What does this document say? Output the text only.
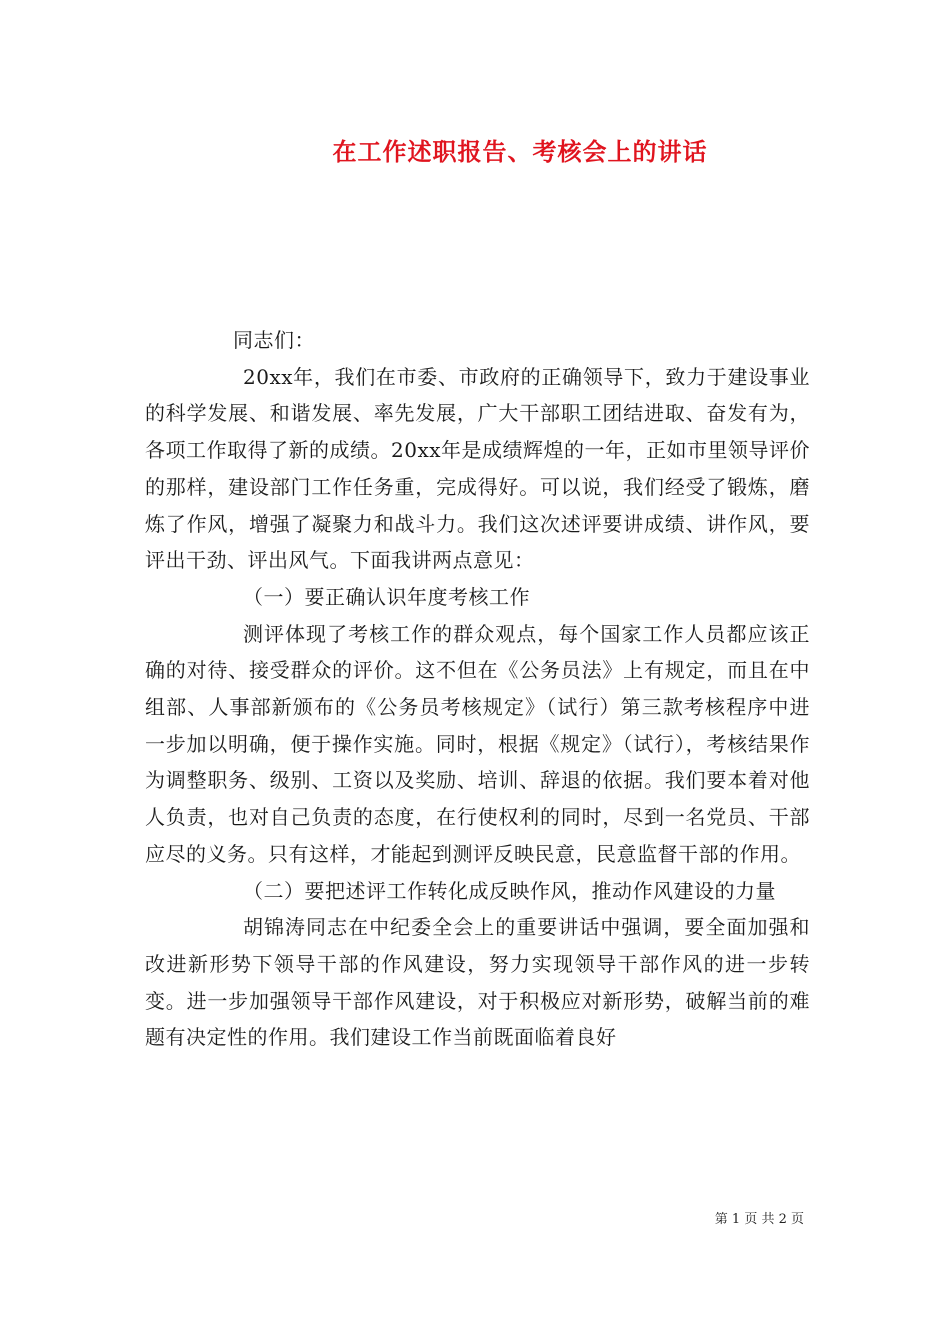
在工作述职报告、考核会上的讲话

同志们：

20xx年，我们在市委、市政府的正确领导下，致力于建设事业的科学发展、和谐发展、率先发展，广大干部职工团结进取、奋发有为，各项工作取得了新的成绩。20xx年是成绩辉煌的一年，正如市里领导评价的那样，建设部门工作任务重，完成得好。可以说，我们经受了锻炼，磨炼了作风，增强了凝聚力和战斗力。我们这次述评要讲成绩、讲作风，要评出干劲、评出风气。下面我讲两点意见：

（一）要正确认识年度考核工作

测评体现了考核工作的群众观点，每个国家工作人员都应该正确的对待、接受群众的评价。这不但在《公务员法》上有规定，而且在中组部、人事部新颁布的《公务员考核规定》（试行）第三款考核程序中进一步加以明确，便于操作实施。同时，根据《规定》（试行），考核结果作为调整职务、级别、工资以及奖励、培训、辞退的依据。我们要本着对他人负责，也对自己负责的态度，在行使权利的同时，尽到一名党员、干部应尽的义务。只有这样，才能起到测评反映民意，民意监督干部的作用。

（二）要把述评工作转化成反映作风，推动作风建设的力量

胡锦涛同志在中纪委全会上的重要讲话中强调，要全面加强和改进新形势下领导干部的作风建设，努力实现领导干部作风的进一步转变。进一步加强领导干部作风建设，对于积极应对新形势，破解当前的难题有决定性的作用。我们建设工作当前既面临着良好

第 1 页 共 2 页
